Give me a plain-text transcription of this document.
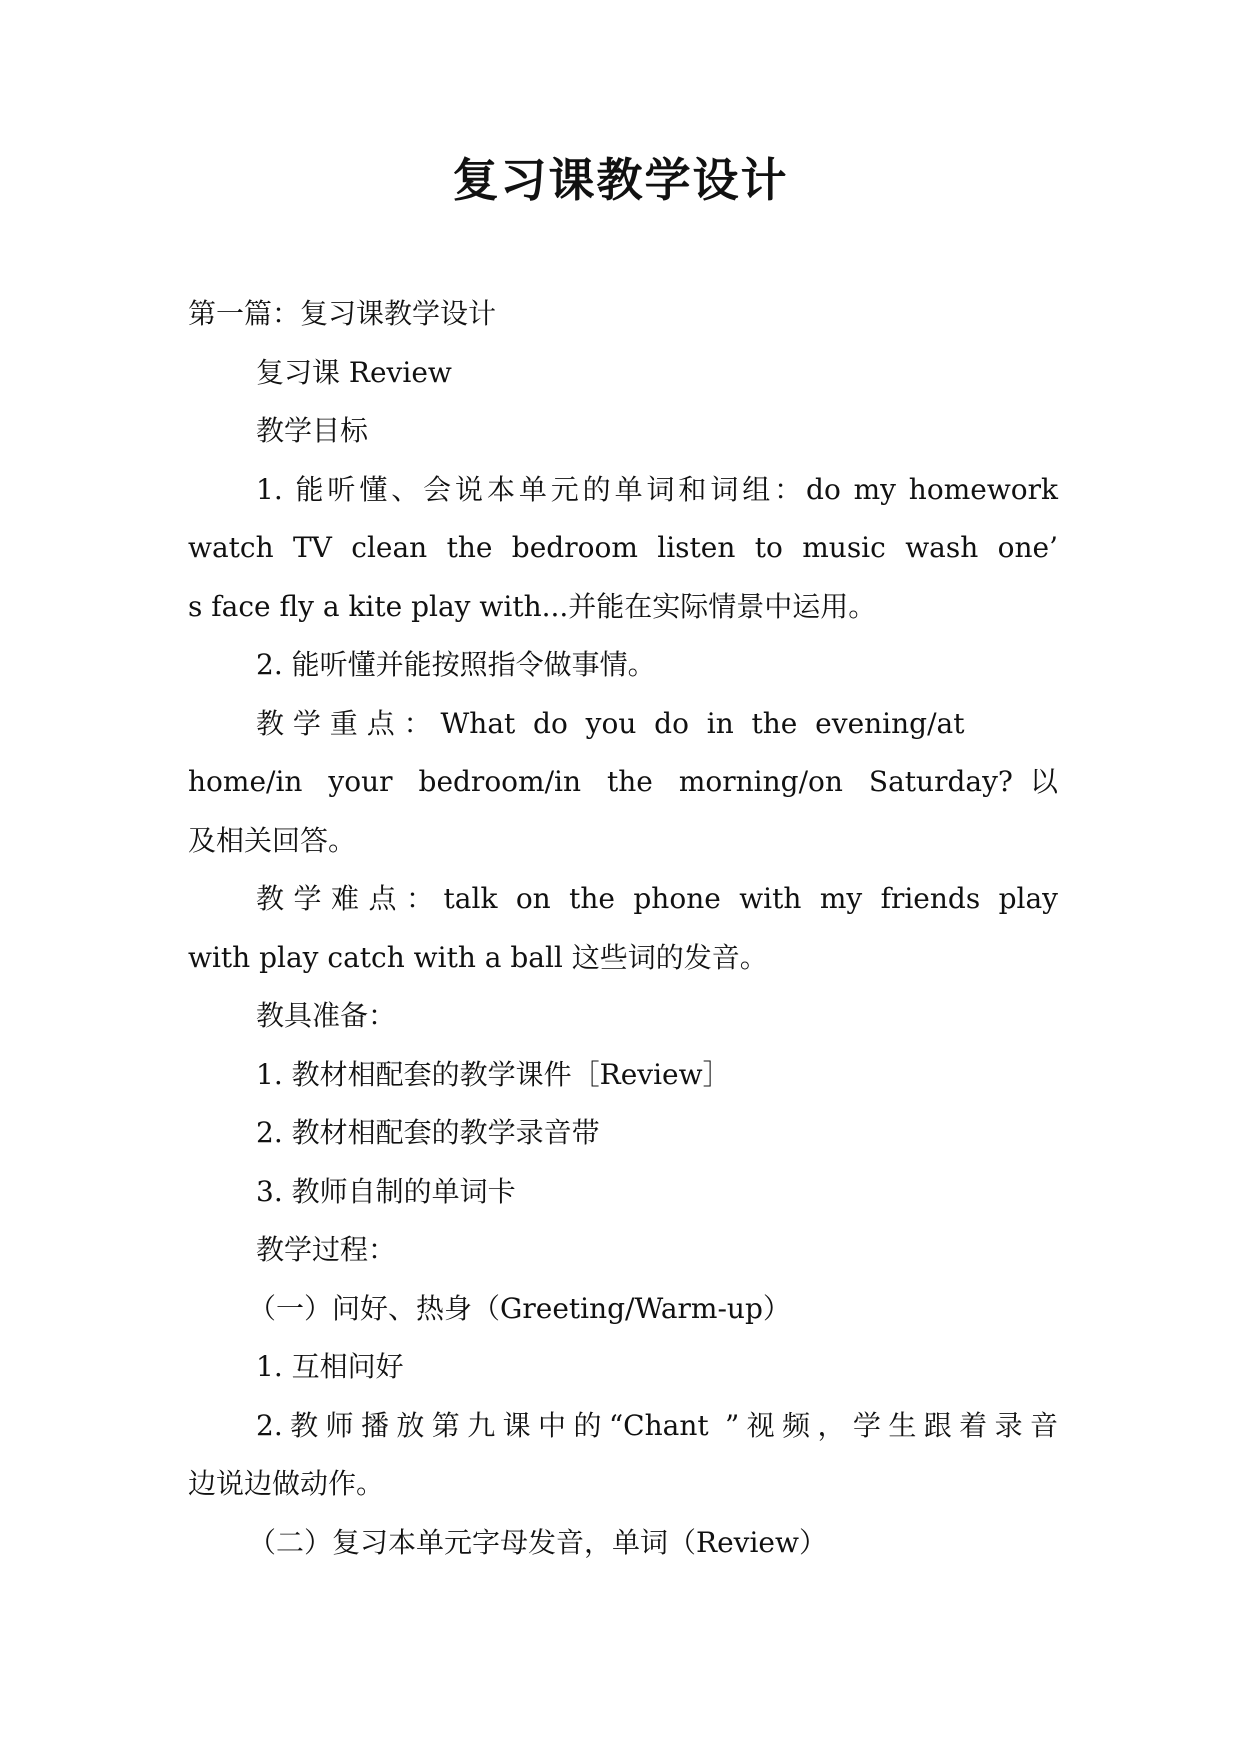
复习课教学设计

第一篇：复习课教学设计

复习课 Review

教学目标

1. 能听懂、会说本单元的单词和词组：do my homework

watch TV clean the bedroom listen to music wash one’

s face fly a kite play with...并能在实际情景中运用。

2. 能听懂并能按照指令做事情。

教 学 重 点 ： What  do  you  do  in  the  evening/at

home/in your bedroom/in the morning/on Saturday?以

及相关回答。

教学难点：talk on the phone with my friends play

with play catch with a ball 这些词的发音。

教具准备：

1. 教材相配套的教学课件［Review］

2. 教材相配套的教学录音带

3. 教师自制的单词卡

教学过程：

（一）问好、热身（Greeting/Warm-up）

1. 互相问好

2.教师播放第九课中的“Chant ”视频，学生跟着录音

边说边做动作。

（二）复习本单元字母发音，单词（Review）
